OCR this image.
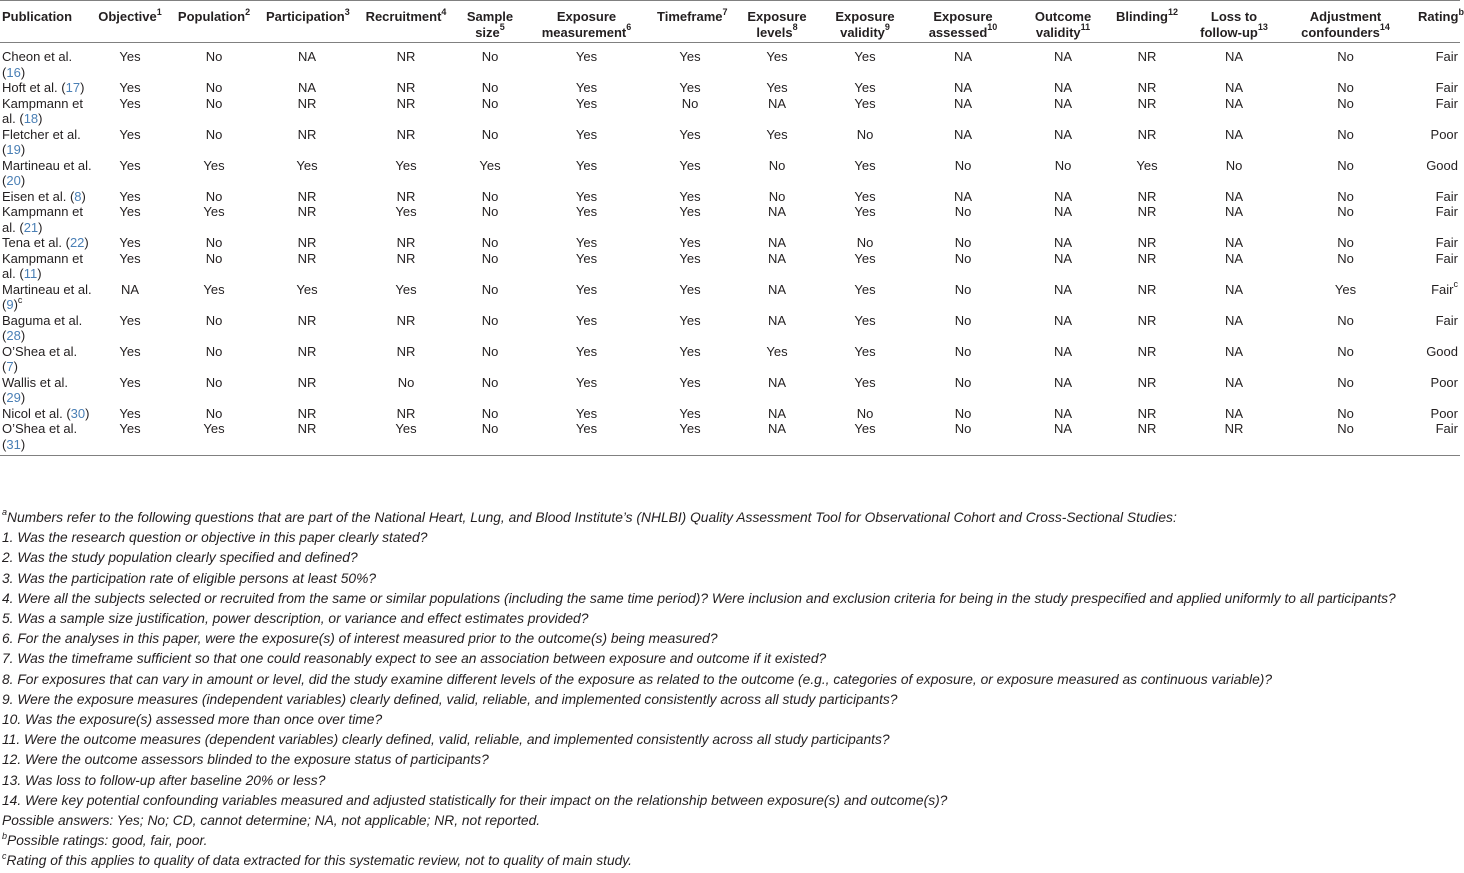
Publication	Objective$^1$	Population$^2$	Participation$^3$	Recruitment$^4$	Sample size$^5$	Exposure measurement$^6$	Timeframe$^7$	Exposure levels$^8$	Exposure validity$^9$	Exposure assessed$^{10}$	Outcome validity$^{11}$	Blinding$^{12}$	Loss to follow-$up^{13}$	Adjustment confounders$^{14}$	Rating$^b$

Cheon et al. (16)	Yes	No	NA	NR	No	Yes	Yes	Yes	Yes	NA	NA	NR	NA	No	Fair
Hoft et al. (17)	Yes	No	NA	NR	No	Yes	Yes	Yes	Yes	NA	NA	NR	NA	No	Fair
Kampmann et al. (18)	Yes	No	NR	NR	No	Yes	No	NA	Yes	NA	NA	NR	NA	No	Fair
Fletcher et al. (19)	Yes	No	NR	NR	No	Yes	Yes	Yes	No	NA	NA	NR	NA	No	Poor
Martineau et al. (20)	Yes	Yes	Yes	Yes	Yes	Yes	Yes	No	Yes	No	No	Yes	No	No	Good
Eisen et al. (8)	Yes	No	NR	NR	No	Yes	Yes	No	Yes	NA	NA	NR	NA	No	Fair
Kampmann et al. (21)	Yes	Yes	NR	Yes	No	Yes	Yes	NA	Yes	No	NA	NR	NA	No	Fair
Tena et al. (22)	Yes	No	NR	NR	No	Yes	Yes	NA	No	No	NA	NR	NA	No	Fair
Kampmann et al. (11)	Yes	No	NR	NR	No	Yes	Yes	NA	Yes	No	NA	NR	NA	No	Fair
Martineau et al. $(9)^c$	NA	Yes	Yes	Yes	No	Yes	Yes	NA	Yes	No	NA	NR	NA	Yes	Fair$^c$
Baguma et al. (28)	Yes	No	NR	NR	No	Yes	Yes	NA	Yes	No	NA	NR	NA	No	Fair
O’Shea et al. (7)	Yes	No	NR	NR	No	Yes	Yes	Yes	Yes	No	NA	NR	NA	No	Good
Wallis et al. (29)	Yes	No	NR	No	No	Yes	Yes	NA	Yes	No	NA	NR	NA	No	Poor
Nicol et al. (30)	Yes	No	NR	NR	No	Yes	Yes	NA	No	No	NA	NR	NA	No	Poor
O’Shea et al. (31)	Yes	Yes	NR	Yes	No	Yes	Yes	NA	Yes	No	NA	NR	NR	No	Fair
$^a$Numbers refer to the following questions that are part of the National Heart, Lung, and Blood Institute’s (NHLBI) Quality Assessment Tool for Observational Cohort and Cross-Sectional Studies:
1. Was the research question or objective in this paper clearly stated?
2. Was the study population clearly specified and defined?
3. Was the participation rate of eligible persons at least 50%?
4. Were all the subjects selected or recruited from the same or similar populations (including the same time period)? Were inclusion and exclusion criteria for being in the study prespecified and applied uniformly to all participants?
5. Was a sample size justification, power description, or variance and effect estimates provided?
6. For the analyses in this paper, were the exposure(s) of interest measured prior to the outcome(s) being measured?
7. Was the timeframe sufficient so that one could reasonably expect to see an association between exposure and outcome if it existed?
8. For exposures that can vary in amount or level, did the study examine different levels of the exposure as related to the outcome (e.g., categories of exposure, or exposure measured as continuous variable)?
9. Were the exposure measures (independent variables) clearly defined, valid, reliable, and implemented consistently across all study participants?
10. Was the exposure(s) assessed more than once over time?
11. Were the outcome measures (dependent variables) clearly defined, valid, reliable, and implemented consistently across all study participants?
12. Were the outcome assessors blinded to the exposure status of participants?
13. Was loss to follow-up after baseline 20% or less?
14. Were key potential confounding variables measured and adjusted statistically for their impact on the relationship between exposure(s) and outcome(s)?
Possible answers: Yes; No; CD, cannot determine; NA, not applicable; NR, not reported.
$^b$Possible ratings: good, fair, poor.
$^c$Rating of this applies to quality of data extracted for this systematic review, not to quality of main study.
